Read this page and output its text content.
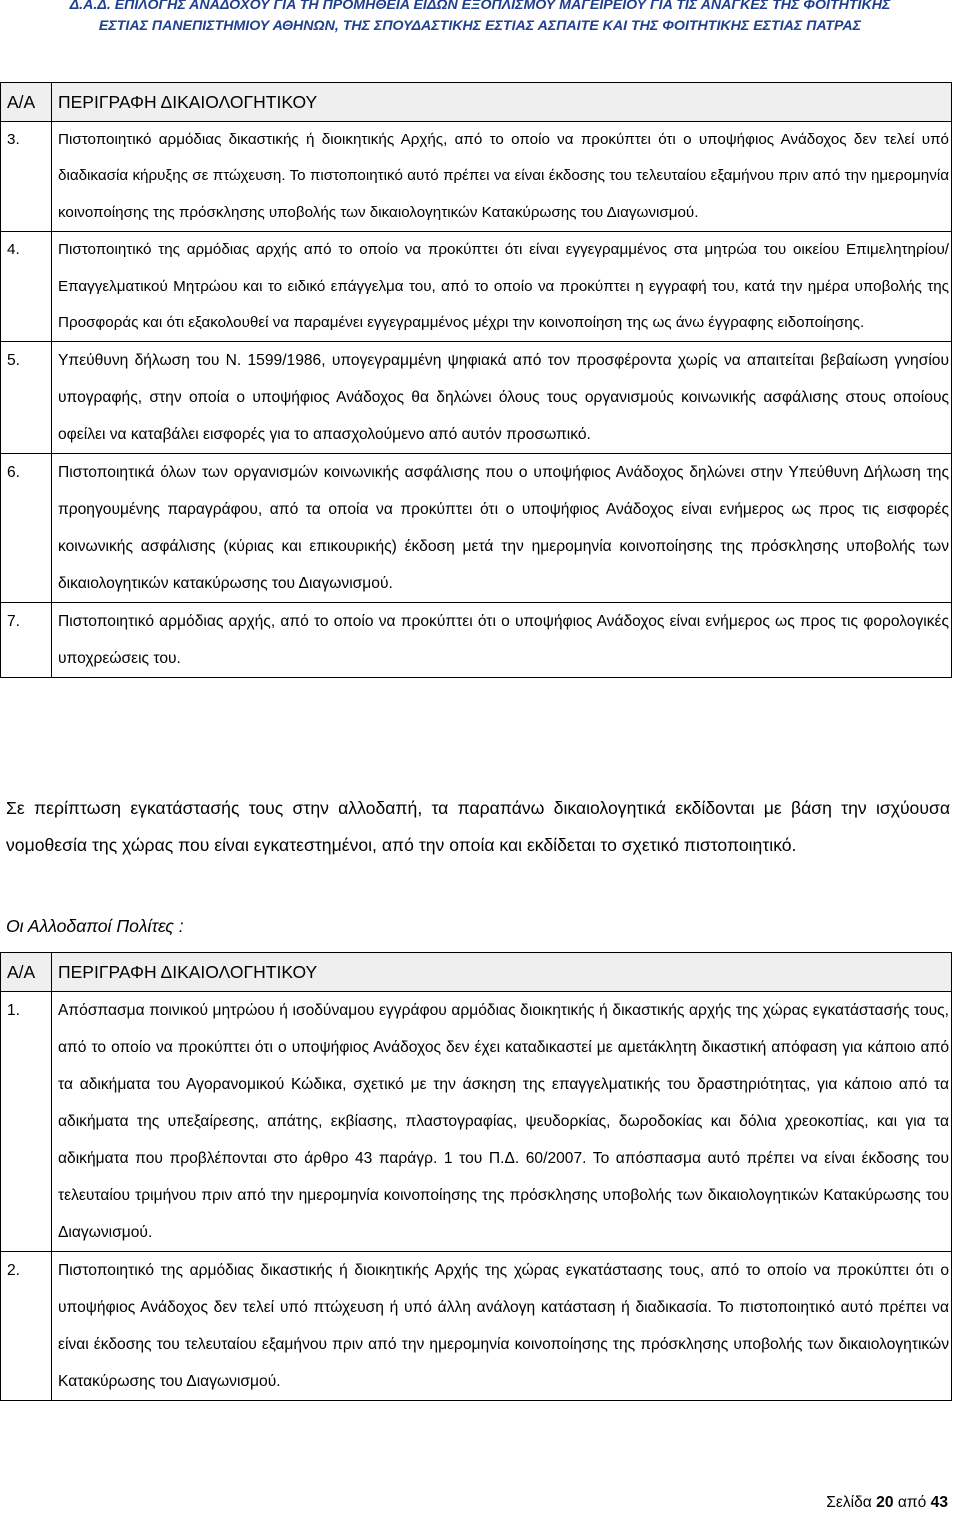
Δ.Α.Δ. ΕΠΙΛΟΓΗΣ ΑΝΑΔΟΧΟΥ ΓΙΑ ΤΗ ΠΡΟΜΗΘΕΙΑ ΕΙΔΩΝ ΕΞΟΠΛΙΣΜΟΥ ΜΑΓΕΙΡΕΙΟΥ ΓΙΑ ΤΙΣ ΑΝΑΓΚΕΣ ΤΗΣ ΦΟΙΤΗΤΙΚΗΣ
ΕΣΤΙΑΣ ΠΑΝΕΠΙΣΤΗΜΙΟΥ ΑΘΗΝΩΝ, ΤΗΣ ΣΠΟΥΔΑΣΤΙΚΗΣ ΕΣΤΙΑΣ ΑΣΠΑΙΤΕ ΚΑΙ ΤΗΣ ΦΟΙΤΗΤΙΚΗΣ ΕΣΤΙΑΣ ΠΑΤΡΑΣ
Α/Α	ΠΕΡΙΓΡΑΦΗ ΔΙΚΑΙΟΛΟΓΗΤΙΚΟΥ
3.	Πιστοποιητικό αρμόδιας δικαστικής ή διοικητικής Αρχής, από το οποίο να προκύπτει ότι ο υποψήφιος Ανάδοχος δεν τελεί υπό διαδικασία κήρυξης σε πτώχευση. Το πιστοποιητικό αυτό πρέπει να είναι έκδοσης του τελευταίου εξαμήνου πριν από την ημερομηνία κοινοποίησης της πρόσκλησης υποβολής των δικαιολογητικών Κατακύρωσης του Διαγωνισμού.
4.	Πιστοποιητικό της αρμόδιας αρχής από το οποίο να προκύπτει ότι είναι εγγεγραμμένος στα μητρώα του οικείου Επιμελητηρίου/Επαγγελματικού Μητρώου και το ειδικό επάγγελμα του, από το οποίο να προκύπτει η εγγραφή του, κατά την ημέρα υποβολής της Προσφοράς και ότι εξακολουθεί να παραμένει εγγεγραμμένος μέχρι την κοινοποίηση της ως άνω έγγραφης ειδοποίησης.
5.	Υπεύθυνη δήλωση του Ν. 1599/1986, υπογεγραμμένη ψηφιακά από τον προσφέροντα χωρίς να απαιτείται βεβαίωση γνησίου υπογραφής, στην οποία ο υποψήφιος Ανάδοχος θα δηλώνει όλους τους οργανισμούς κοινωνικής ασφάλισης στους οποίους οφείλει να καταβάλει εισφορές για το απασχολούμενο από αυτόν προσωπικό.
6.	Πιστοποιητικά όλων των οργανισμών κοινωνικής ασφάλισης που ο υποψήφιος Ανάδοχος δηλώνει στην Υπεύθυνη Δήλωση της προηγουμένης παραγράφου, από τα οποία να προκύπτει ότι ο υποψήφιος Ανάδοχος είναι ενήμερος ως προς τις εισφορές κοινωνικής ασφάλισης (κύριας και επικουρικής) έκδοση μετά την ημερομηνία κοινοποίησης της πρόσκλησης υποβολής των δικαιολογητικών κατακύρωσης του Διαγωνισμού.
7.	Πιστοποιητικό αρμόδιας αρχής, από το οποίο να προκύπτει ότι ο υποψήφιος Ανάδοχος είναι ενήμερος ως προς τις φορολογικές υποχρεώσεις του.
Σε περίπτωση εγκατάστασής τους στην αλλοδαπή, τα παραπάνω δικαιολογητικά εκδίδονται με βάση την ισχύουσα νομοθεσία της χώρας που είναι εγκατεστημένοι, από την οποία και εκδίδεται το σχετικό πιστοποιητικό.
Οι Αλλοδαποί Πολίτες :
Α/Α	ΠΕΡΙΓΡΑΦΗ ΔΙΚΑΙΟΛΟΓΗΤΙΚΟΥ
1.	Απόσπασμα ποινικού μητρώου ή ισοδύναμου εγγράφου αρμόδιας διοικητικής ή δικαστικής αρχής της χώρας εγκατάστασής τους, από το οποίο να προκύπτει ότι ο υποψήφιος Ανάδοχος δεν έχει καταδικαστεί με αμετάκλητη δικαστική απόφαση για κάποιο από τα αδικήματα του Αγορανομικού Κώδικα, σχετικό με την άσκηση της επαγγελματικής του δραστηριότητας, για κάποιο από τα αδικήματα της υπεξαίρεσης, απάτης, εκβίασης, πλαστογραφίας, ψευδορκίας, δωροδοκίας και δόλια χρεοκοπίας, και για τα αδικήματα που προβλέπονται στο άρθρο 43 παράγρ. 1 του Π.Δ. 60/2007. Το απόσπασμα αυτό πρέπει να είναι έκδοσης του τελευταίου τριμήνου πριν από την ημερομηνία κοινοποίησης της πρόσκλησης υποβολής των δικαιολογητικών Κατακύρωσης του Διαγωνισμού.
2.	Πιστοποιητικό της αρμόδιας δικαστικής ή διοικητικής Αρχής της χώρας εγκατάστασης τους, από το οποίο να προκύπτει ότι ο υποψήφιος Ανάδοχος δεν τελεί υπό πτώχευση ή υπό άλλη ανάλογη κατάσταση ή διαδικασία. Το πιστοποιητικό αυτό πρέπει να είναι έκδοσης του τελευταίου εξαμήνου πριν από την ημερομηνία κοινοποίησης της πρόσκλησης υποβολής των δικαιολογητικών Κατακύρωσης του Διαγωνισμού.
Σελίδα 20 από 43
